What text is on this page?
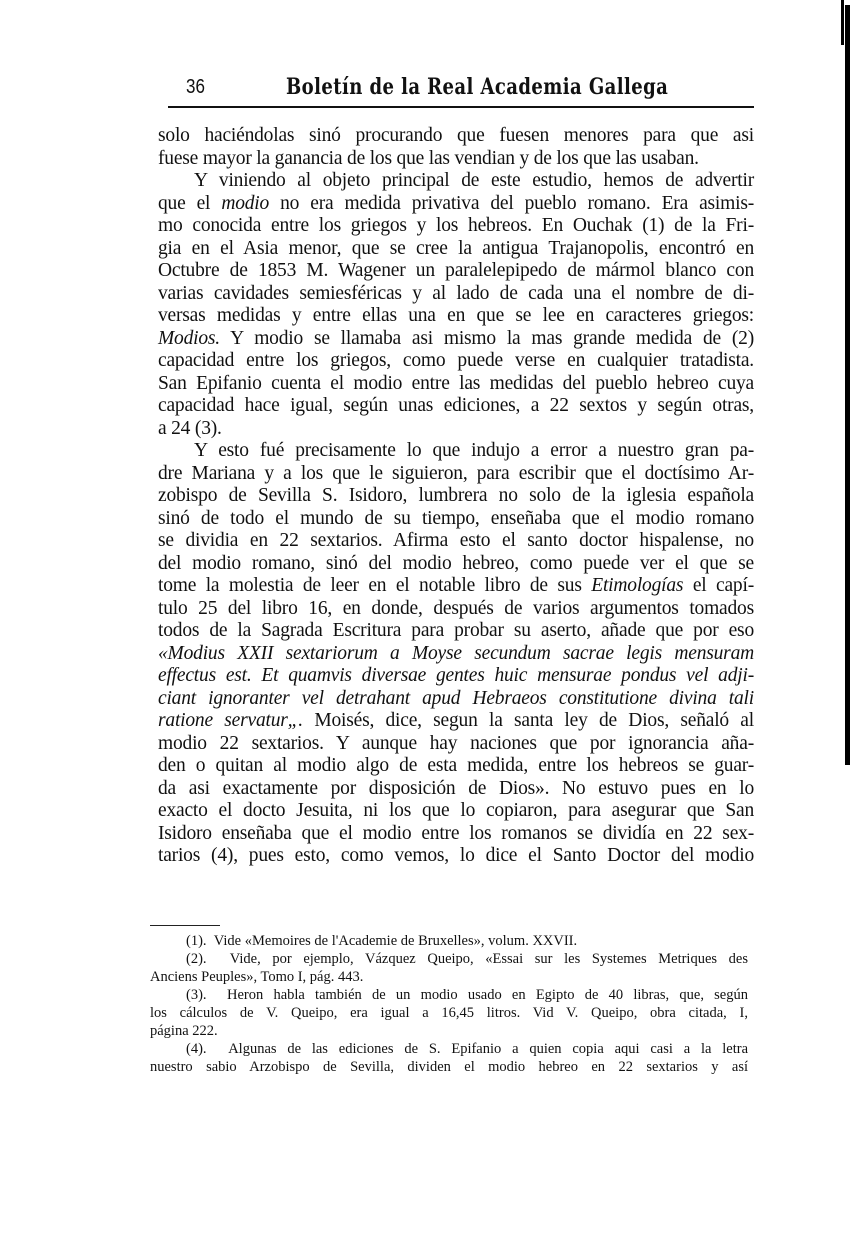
36	Boletín de la Real Academia Gallega
solo haciéndolas sinó procurando que fuesen menores para que asi
fuese mayor la ganancia de los que las vendian y de los que las usaban.
Y viniendo al objeto principal de este estudio, hemos de advertir
que el modio no era medida privativa del pueblo romano. Era asimis-
mo conocida entre los griegos y los hebreos. En Ouchak (1) de la Fri-
gia en el Asia menor, que se cree la antigua Trajanopolis, encontró en
Octubre de 1853 M. Wagener un paralelepipedo de mármol blanco con
varias cavidades semiesféricas y al lado de cada una el nombre de di-
versas medidas y entre ellas una en que se lee en caracteres griegos:
Modios. Y modio se llamaba asi mismo la mas grande medida de (2)
capacidad entre los griegos, como puede verse en cualquier tratadista.
San Epifanio cuenta el modio entre las medidas del pueblo hebreo cuya
capacidad hace igual, según unas ediciones, a 22 sextos y según otras,
a 24 (3).
Y esto fué precisamente lo que indujo a error a nuestro gran pa-
dre Mariana y a los que le siguieron, para escribir que el doctísimo Ar-
zobispo de Sevilla S. Isidoro, lumbrera no solo de la iglesia española
sinó de todo el mundo de su tiempo, enseñaba que el modio romano
se dividia en 22 sextarios. Afirma esto el santo doctor hispalense, no
del modio romano, sinó del modio hebreo, como puede ver el que se
tome la molestia de leer en el notable libro de sus Etimologías el capí-
tulo 25 del libro 16, en donde, después de varios argumentos tomados
todos de la Sagrada Escritura para probar su aserto, añade que por eso
«Modius XXII sextariorum a Moyse secundum sacrae legis mensuram
effectus est. Et quamvis diversae gentes huic mensurae pondus vel adji-
ciant ignoranter vel detrahant apud Hebraeos constitutione divina tali
ratione servatur„. Moisés, dice, segun la santa ley de Dios, señaló al
modio 22 sextarios. Y aunque hay naciones que por ignorancia aña-
den o quitan al modio algo de esta medida, entre los hebreos se guar-
da asi exactamente por disposición de Dios». No estuvo pues en lo
exacto el docto Jesuita, ni los que lo copiaron, para asegurar que San
Isidoro enseñaba que el modio entre los romanos se dividía en 22 sex-
tarios (4), pues esto, como vemos, lo dice el Santo Doctor del modio
(1). Vide «Memoires de l'Academie de Bruxelles», volum. XXVII.
(2). Vide, por ejemplo, Vázquez Queipo, «Essai sur les Systemes Metriques des
Anciens Peuples», Tomo I, pág. 443.
(3). Heron habla también de un modio usado en Egipto de 40 libras, que, según
los cálculos de V. Queipo, era igual a 16,45 litros. Vid V. Queipo, obra citada, I,
página 222.
(4). Algunas de las ediciones de S. Epifanio a quien copia aqui casi a la letra
nuestro sabio Arzobispo de Sevilla, dividen el modio hebreo en 22 sextarios y así
